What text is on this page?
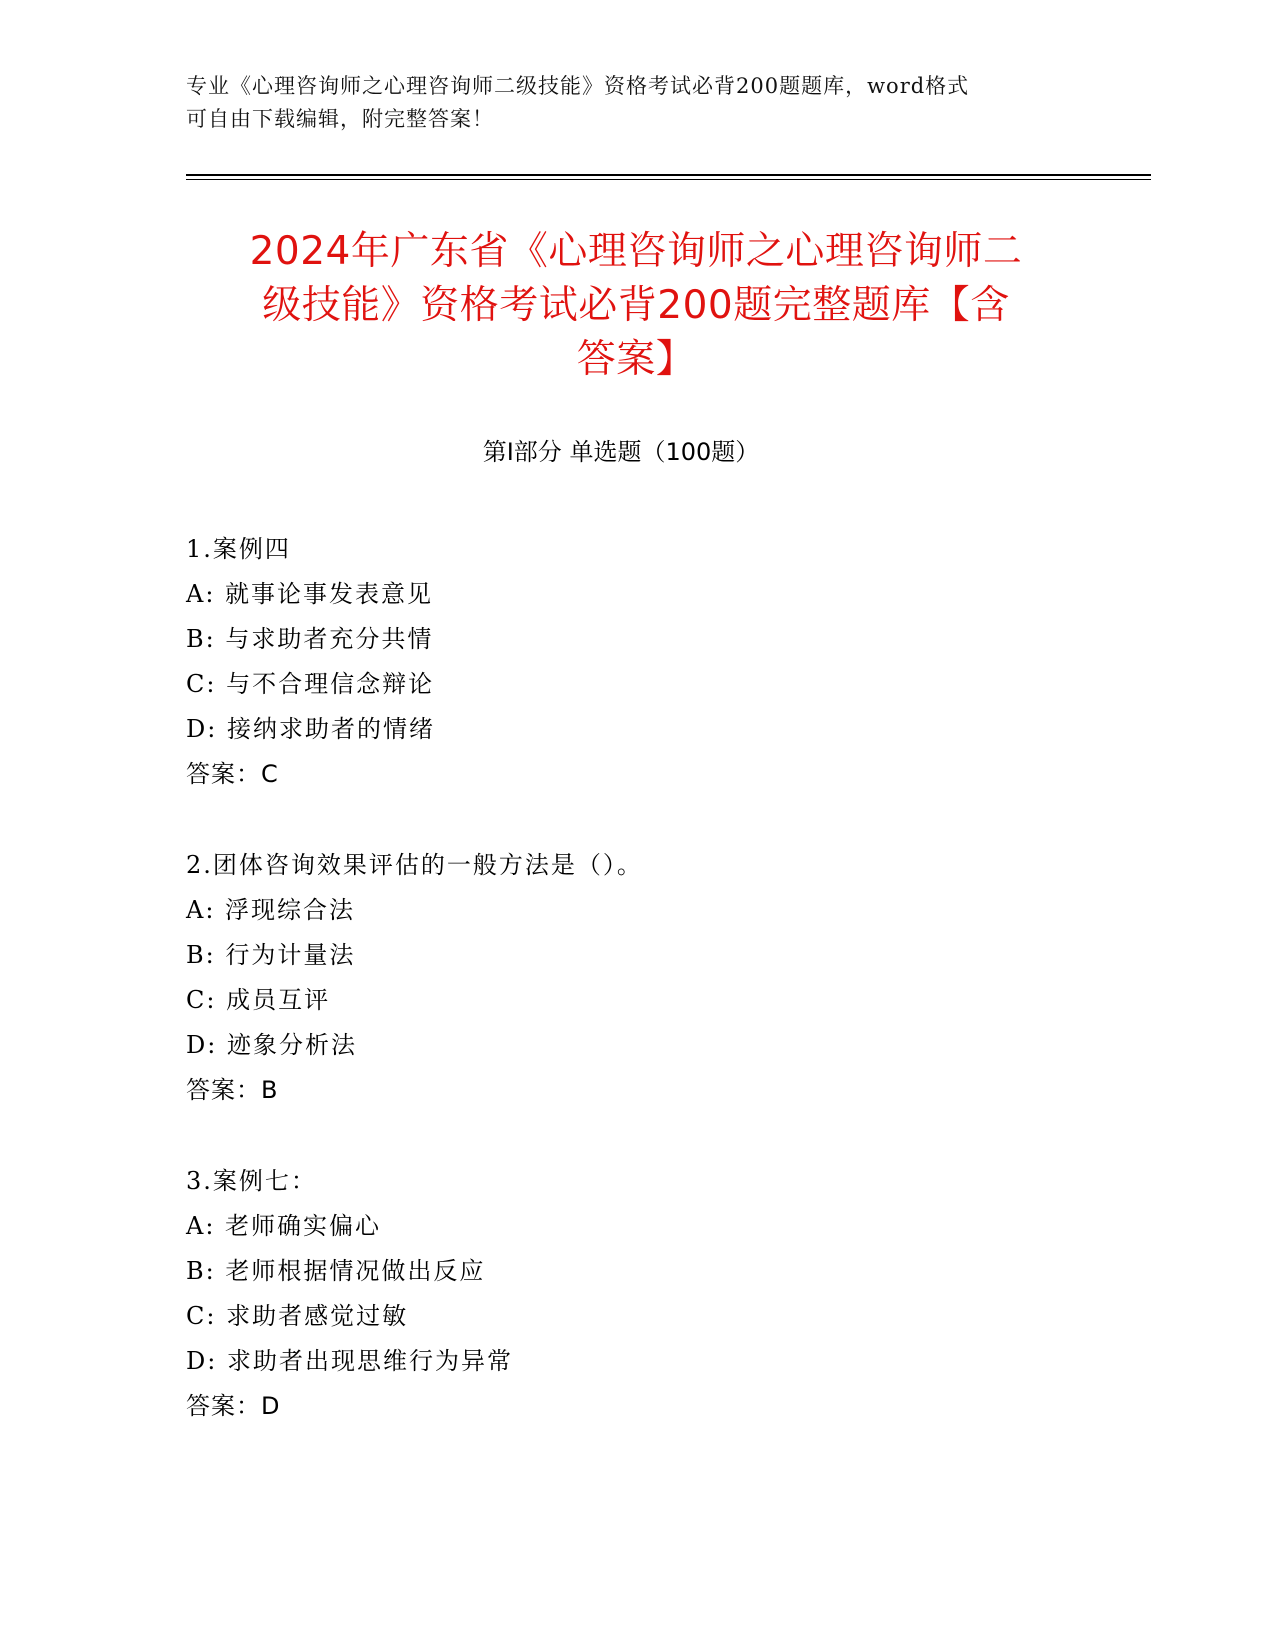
专业《心理咨询师之心理咨询师二级技能》资格考试必背200题题库，word格式
可自由下载编辑，附完整答案！
2024年广东省《心理咨询师之心理咨询师二
级技能》资格考试必背200题完整题库【含
答案】
第I部分 单选题（100题）
1.案例四
A: 就事论事发表意见
B: 与求助者充分共情
C: 与不合理信念辩论
D: 接纳求助者的情绪
答案：C
2.团体咨询效果评估的一般方法是（）。
A: 浮现综合法
B: 行为计量法
C: 成员互评
D: 迹象分析法
答案：B
3.案例七：
A: 老师确实偏心
B: 老师根据情况做出反应
C: 求助者感觉过敏
D: 求助者出现思维行为异常
答案：D
